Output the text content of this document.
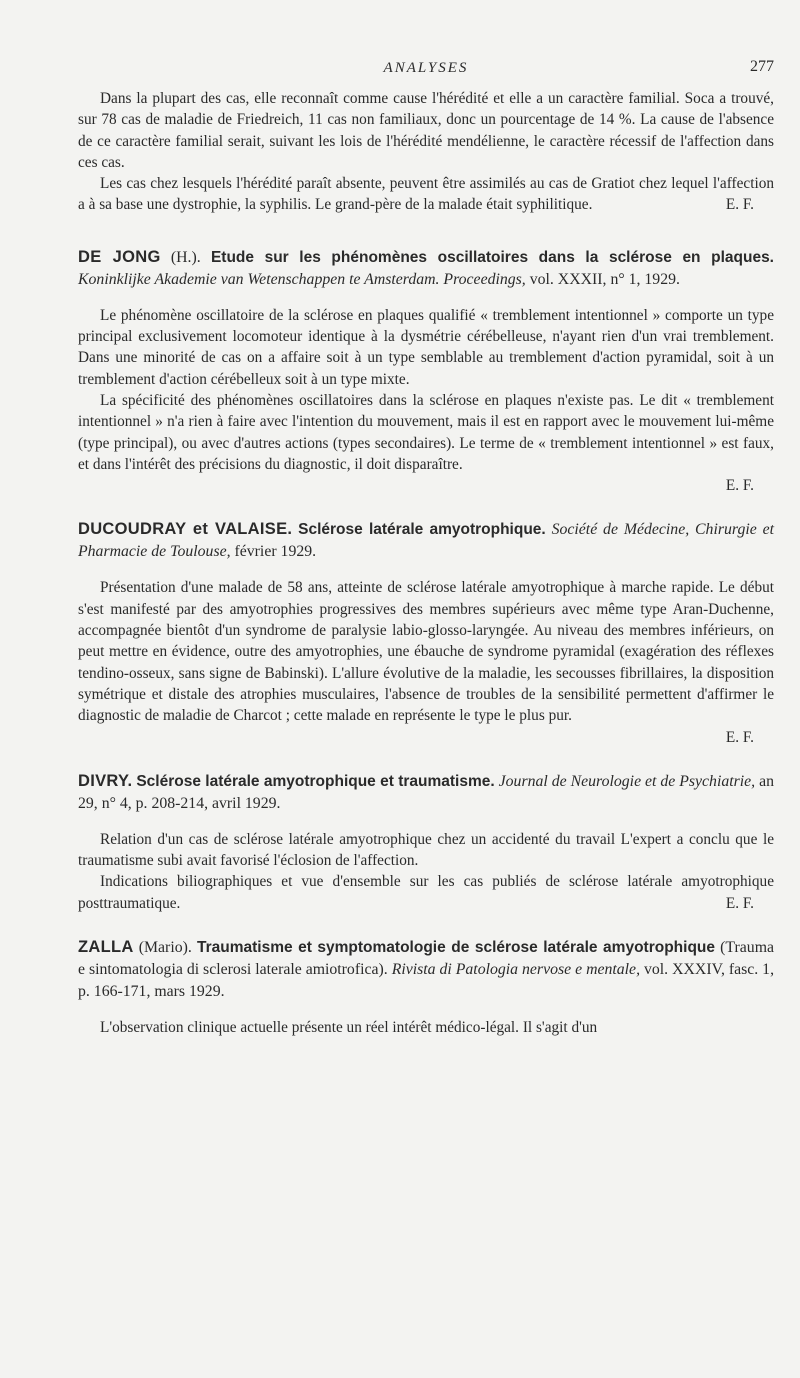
ANALYSES	277

Dans la plupart des cas, elle reconnaît comme cause l'hérédité et elle a un caractère familial. Soca a trouvé, sur 78 cas de maladie de Friedreich, 11 cas non familiaux, donc un pourcentage de 14 %. La cause de l'absence de ce caractère familial serait, suivant les lois de l'hérédité mendélienne, le caractère récessif de l'affection dans ces cas.

Les cas chez lesquels l'hérédité paraît absente, peuvent être assimilés au cas de Gratiot chez lequel l'affection a à sa base une dystrophie, la syphilis. Le grand-père de la malade était syphilitique.	E. F.

DE JONG (H.). Etude sur les phénomènes oscillatoires dans la sclérose en plaques. Koninklijke Akademie van Wetenschappen te Amsterdam. Proceedings, vol. XXXII, n° 1, 1929.

Le phénomène oscillatoire de la sclérose en plaques qualifié « tremblement intentionnel » comporte un type principal exclusivement locomoteur identique à la dysmétrie cérébelleuse, n'ayant rien d'un vrai tremblement. Dans une minorité de cas on a affaire soit à un type semblable au tremblement d'action pyramidal, soit à un tremblement d'action cérébelleux soit à un type mixte.

La spécificité des phénomènes oscillatoires dans la sclérose en plaques n'existe pas. Le dit « tremblement intentionnel » n'a rien à faire avec l'intention du mouvement, mais il est en rapport avec le mouvement lui-même (type principal), ou avec d'autres actions (types secondaires). Le terme de « tremblement intentionnel » est faux, et dans l'intérêt des précisions du diagnostic, il doit disparaître.

E. F.
DUCOUDRAY et VALAISE. Sclérose latérale amyotrophique. Société de Médecine, Chirurgie et Pharmacie de Toulouse, février 1929.

Présentation d'une malade de 58 ans, atteinte de sclérose latérale amyotrophique à marche rapide. Le début s'est manifesté par des amyotrophies progressives des membres supérieurs avec même type Aran-Duchenne, accompagnée bientôt d'un syndrome de paralysie labio-glosso-laryngée. Au niveau des membres inférieurs, on peut mettre en évidence, outre des amyotrophies, une ébauche de syndrome pyramidal (exagération des réflexes tendino-osseux, sans signe de Babinski). L'allure évolutive de la maladie, les secousses fibrillaires, la disposition symétrique et distale des atrophies musculaires, l'absence de troubles de la sensibilité permettent d'affirmer le diagnostic de maladie de Charcot ; cette malade en représente le type le plus pur.

E. F.
DIVRY. Sclérose latérale amyotrophique et traumatisme. Journal de Neurologie et de Psychiatrie, an 29, n° 4, p. 208-214, avril 1929.

Relation d'un cas de sclérose latérale amyotrophique chez un accidenté du travail L'expert a conclu que le traumatisme subi avait favorisé l'éclosion de l'affection.

Indications biliographiques et vue d'ensemble sur les cas publiés de sclérose latérale amyotrophique posttraumatique.	E. F.

ZALLA (Mario). Traumatisme et symptomatologie de sclérose latérale amyotrophique (Trauma e sintomatologia di sclerosi laterale amiotrofica). Rivista di Patologia nervose e mentale, vol. XXXIV, fasc. 1, p. 166-171, mars 1929.

L'observation clinique actuelle présente un réel intérêt médico-légal. Il s'agit d'un
